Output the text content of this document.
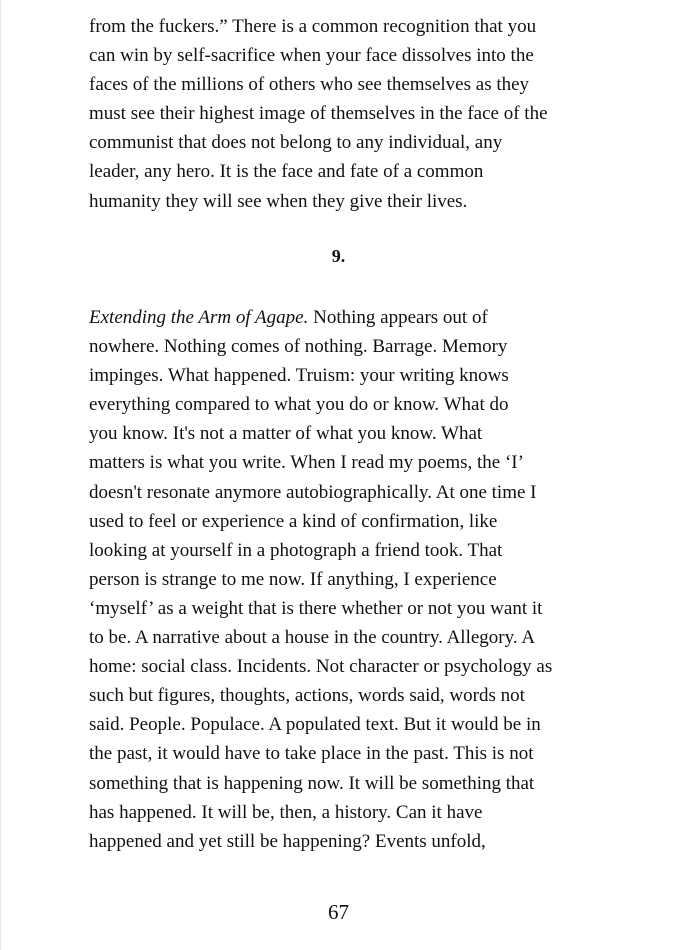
from the fuckers.” There is a common recognition that you
can win by self-sacrifice when your face dissolves into the
faces of the millions of others who see themselves as they
must see their highest image of themselves in the face of the
communist that does not belong to any individual, any
leader, any hero. It is the face and fate of a common
humanity they will see when they give their lives.
9.
Extending the Arm of Agape. Nothing appears out of
nowhere. Nothing comes of nothing. Barrage. Memory
impinges. What happened. Truism: your writing knows
everything compared to what you do or know. What do
you know. It's not a matter of what you know. What
matters is what you write. When I read my poems, the ‘I’
doesn't resonate anymore autobiographically. At one time I
used to feel or experience a kind of confirmation, like
looking at yourself in a photograph a friend took. That
person is strange to me now. If anything, I experience
‘myself’ as a weight that is there whether or not you want it
to be. A narrative about a house in the country. Allegory. A
home: social class. Incidents. Not character or psychology as
such but figures, thoughts, actions, words said, words not
said. People. Populace. A populated text. But it would be in
the past, it would have to take place in the past. This is not
something that is happening now. It will be something that
has happened. It will be, then, a history. Can it have
happened and yet still be happening? Events unfold,
67
